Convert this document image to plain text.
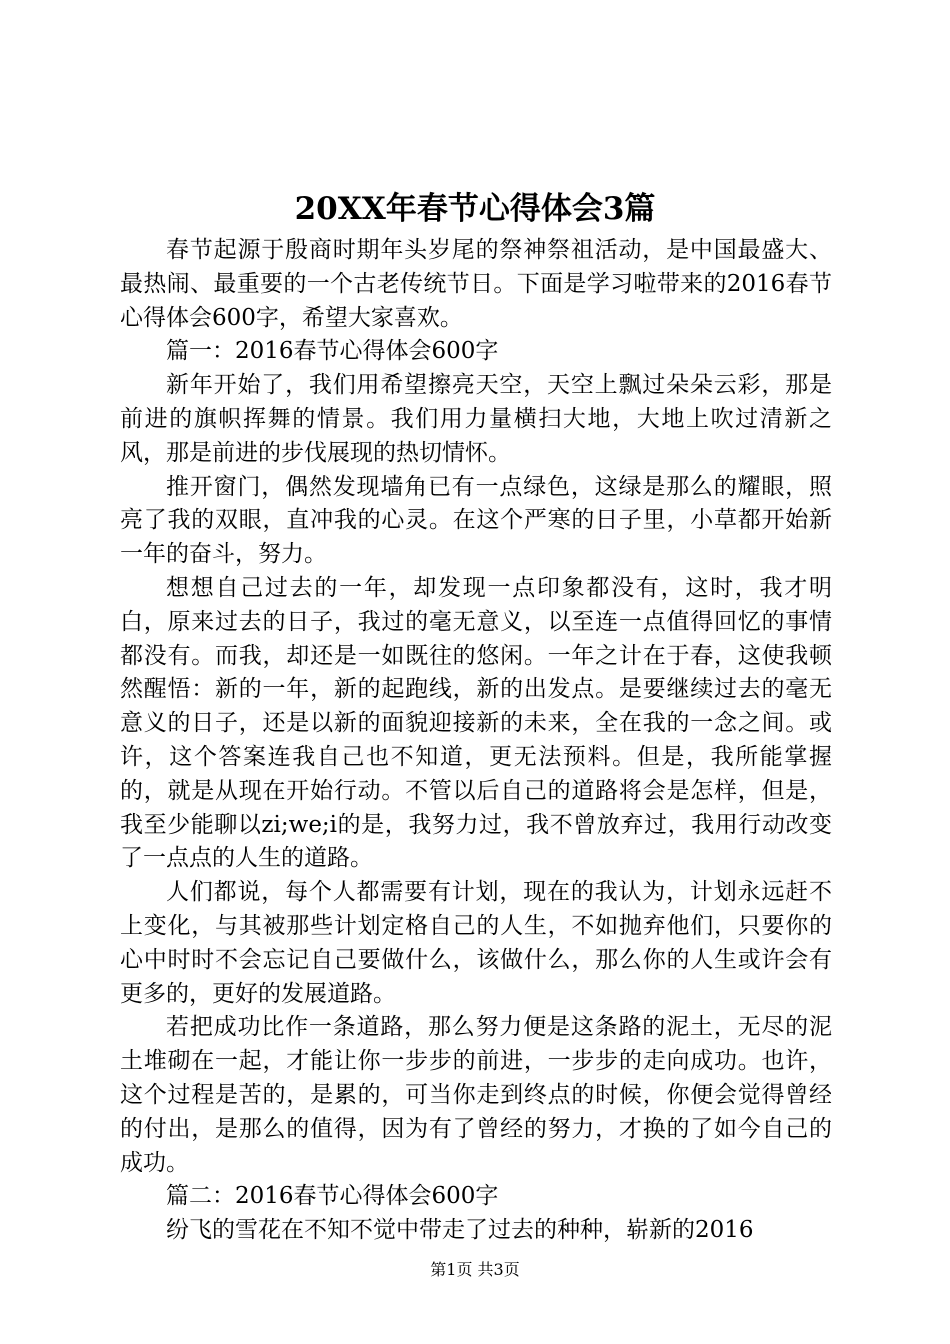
20XX年春节心得体会3篇

春节起源于殷商时期年头岁尾的祭神祭祖活动，是中国最盛大、最热闹、最重要的一个古老传统节日。下面是学习啦带来的2016春节心得体会600字，希望大家喜欢。

篇一：2016春节心得体会600字

新年开始了，我们用希望擦亮天空，天空上飘过朵朵云彩，那是前进的旗帜挥舞的情景。我们用力量横扫大地，大地上吹过清新之风，那是前进的步伐展现的热切情怀。

推开窗门，偶然发现墙角已有一点绿色，这绿是那么的耀眼，照亮了我的双眼，直冲我的心灵。在这个严寒的日子里，小草都开始新一年的奋斗，努力。

想想自己过去的一年，却发现一点印象都没有，这时，我才明白，原来过去的日子，我过的毫无意义，以至连一点值得回忆的事情都没有。而我，却还是一如既往的悠闲。一年之计在于春，这使我顿然醒悟：新的一年，新的起跑线，新的出发点。是要继续过去的毫无意义的日子，还是以新的面貌迎接新的未来，全在我的一念之间。或许，这个答案连我自己也不知道，更无法预料。但是，我所能掌握的，就是从现在开始行动。不管以后自己的道路将会是怎样，但是，我至少能聊以zi;we;i的是，我努力过，我不曾放弃过，我用行动改变了一点点的人生的道路。

人们都说，每个人都需要有计划，现在的我认为，计划永远赶不上变化，与其被那些计划定格自己的人生，不如抛弃他们，只要你的心中时时不会忘记自己要做什么，该做什么，那么你的人生或许会有更多的，更好的发展道路。

若把成功比作一条道路，那么努力便是这条路的泥土，无尽的泥土堆砌在一起，才能让你一步步的前进，一步步的走向成功。也许，这个过程是苦的，是累的，可当你走到终点的时候，你便会觉得曾经的付出，是那么的值得，因为有了曾经的努力，才换的了如今自己的成功。

篇二：2016春节心得体会600字

纷飞的雪花在不知不觉中带走了过去的种种，崭新的2016

第1页 共3页
